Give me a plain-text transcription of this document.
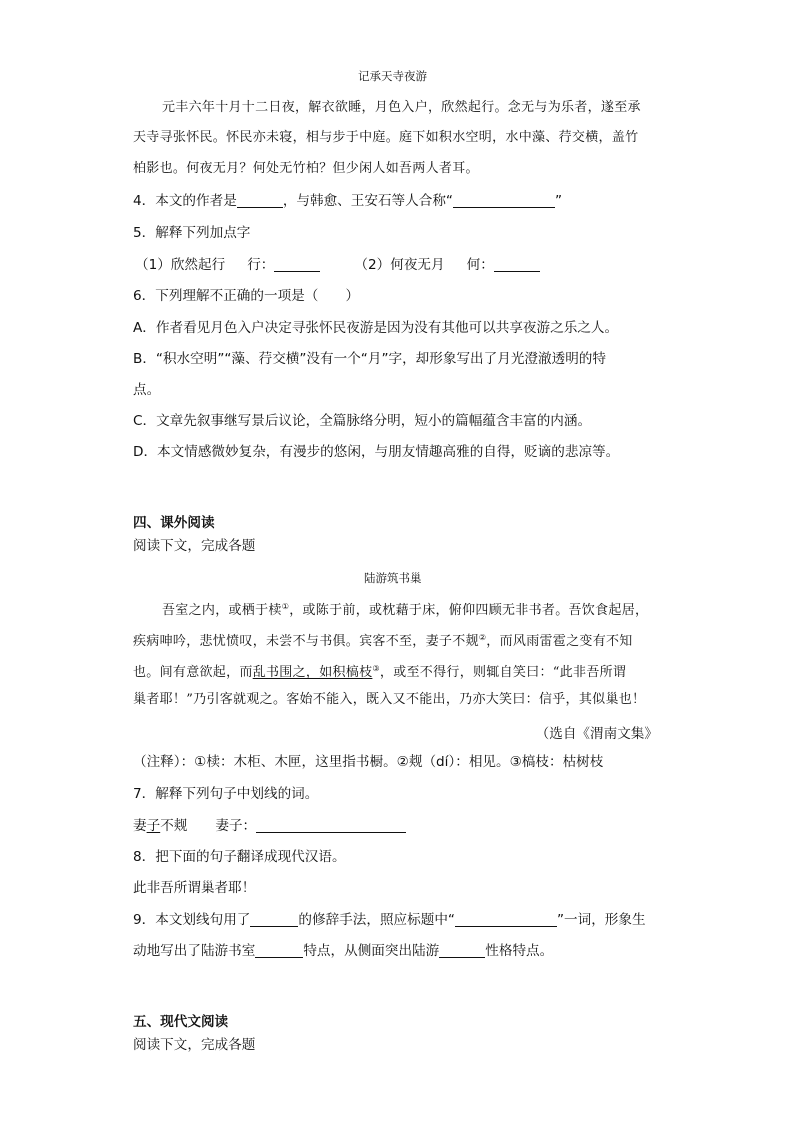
记承天寺夜游
元丰六年十月十二日夜，解衣欲睡，月色入户，欣然起行。念无与为乐者，遂至承
天寺寻张怀民。怀民亦未寝，相与步于中庭。庭下如积水空明，水中藻、荇交横，盖竹
柏影也。何夜无月？何处无竹柏？但少闲人如吾两人者耳。
4．本文的作者是	，与韩愈、王安石等人合称“	”
5．解释下列加点字
（1）欣然起行 行：	（2）何夜无月 何：
6．下列理解不正确的一项是（　　）
A．作者看见月色入户决定寻张怀民夜游是因为没有其他可以共享夜游之乐之人。
B．“积水空明”“藻、荇交横”没有一个“月”字，却形象写出了月光澄澈透明的特
点。
C．文章先叙事继写景后议论，全篇脉络分明，短小的篇幅蕴含丰富的内涵。
D．本文情感微妙复杂，有漫步的悠闲，与朋友情趣高雅的自得，贬谪的悲凉等。
四、课外阅读
阅读下文，完成各题
陆游筑书巢
吾室之内，或栖于椟①，或陈于前，或枕藉于床，俯仰四顾无非书者。吾饮食起居，
疾病呻吟，悲忧愤叹，未尝不与书俱。宾客不至，妻子不觌②，而风雨雷雹之变有不知
也。间有意欲起，而乱书围之，如积槁枝③，或至不得行，则辄自笑曰：“此非吾所谓
巢者耶！”乃引客就观之。客始不能入，既入又不能出，乃亦大笑曰：信乎，其似巢也！
（选自《渭南文集》
（注释）：①椟：木柜、木匣，这里指书橱。②觌（dí）：相见。③槁枝：枯树枝
7．解释下列句子中划线的词。
妻子不觌 妻子：
8．把下面的句子翻译成现代汉语。
此非吾所谓巢者耶！
9．本文划线句用了	的修辞手法，照应标题中“	”一词，形象生
动地写出了陆游书室	特点，从侧面突出陆游	性格特点。
五、现代文阅读
阅读下文，完成各题
